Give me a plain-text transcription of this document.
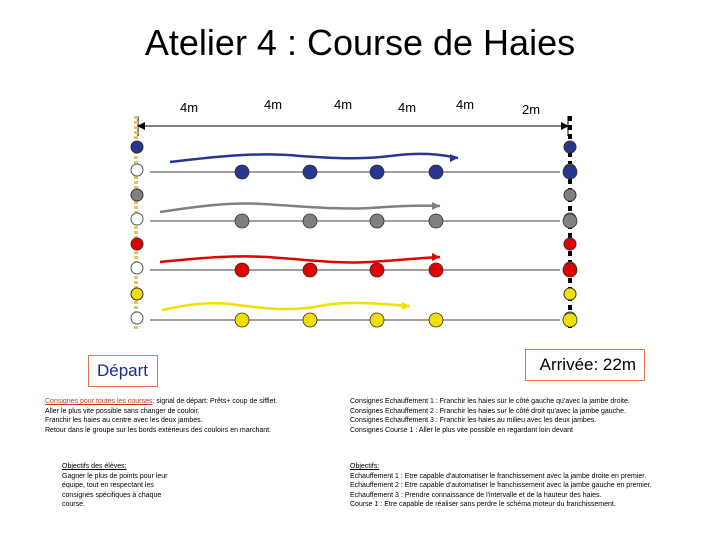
Atelier 4 : Course de Haies
4m	4m	4m	4m	4m	2m
Départ	Arrivée: 22m
Consignes pour toutes les courses: signal de départ: Prêts+ coup de sifflet.
Aller le plus vite possible sans changer de couloir.
Franchir les haies au centre avec les deux jambes.
Retour dans le groupe sur les bords extérieurs des couloirs en marchant.
Consignes Echauffement 1 : Franchir les haies sur le côté gauche qu'avec la jambe droite.
Consignes Echauffement 2 : Franchir les haies sur le côté droit qu'avec la jambe gauche.
Consignes Echauffement 3 : Franchir les haies au milieu avec les deux jambes.
Consignes Course 1 : Aller le plus vite possible en regardant loin devant
Objectifs des élèves:
Gagner le plus de points pour leur
équipe, tout en respectant les
consignes spécifiques à chaque
course.
Objectifs:
Echauffement 1 : Etre capable d'automatiser le franchissement avec la jambe droite en premier.
Echauffement 2 : Etre capable d'automatiser le franchissement avec la jambe gauche en premier.
Echauffement 3 : Prendre connaissance de l'intervalle et de la hauteur des haies.
Course 1 : Etre capable de réaliser sans perdre le schéma moteur du franchissement.
